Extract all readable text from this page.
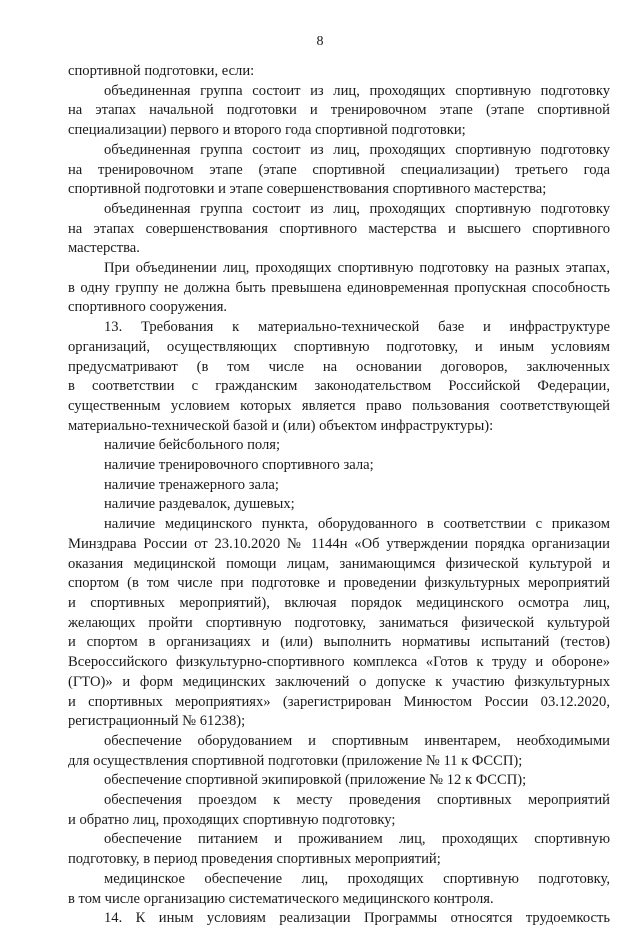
8

спортивной подготовки, если:

объединенная группа состоит из лиц, проходящих спортивную подготовку

на этапах начальной подготовки и тренировочном этапе (этапе спортивной

специализации) первого и второго года спортивной подготовки;

объединенная группа состоит из лиц, проходящих спортивную подготовку

на тренировочном этапе (этапе спортивной специализации) третьего года

спортивной подготовки и этапе совершенствования спортивного мастерства;

объединенная группа состоит из лиц, проходящих спортивную подготовку

на этапах совершенствования спортивного мастерства и высшего спортивного

мастерства.

При объединении лиц, проходящих спортивную подготовку на разных этапах,

в одну группу не должна быть превышена единовременная пропускная способность

спортивного сооружения.

13. Требования к материально-технической базе и инфраструктуре

организаций, осуществляющих спортивную подготовку, и иным условиям

предусматривают (в том числе на основании договоров, заключенных

в соответствии с гражданским законодательством Российской Федерации,

существенным условием которых является право пользования соответствующей

материально-технической базой и (или) объектом инфраструктуры):

наличие бейсбольного поля;

наличие тренировочного спортивного зала;

наличие тренажерного зала;

наличие раздевалок, душевых;

наличие медицинского пункта, оборудованного в соответствии с приказом

Минздрава России от 23.10.2020 № 1144н «Об утверждении порядка организации

оказания медицинской помощи лицам, занимающимся физической культурой и

спортом (в том числе при подготовке и проведении физкультурных мероприятий

и спортивных мероприятий), включая порядок медицинского осмотра лиц,

желающих пройти спортивную подготовку, заниматься физической культурой

и спортом в организациях и (или) выполнить нормативы испытаний (тестов)

Всероссийского физкультурно-спортивного комплекса «Готов к труду и обороне»

(ГТО)» и форм медицинских заключений о допуске к участию физкультурных

и спортивных мероприятиях» (зарегистрирован Минюстом России 03.12.2020,

регистрационный № 61238);

обеспечение оборудованием и спортивным инвентарем, необходимыми

для осуществления спортивной подготовки (приложение № 11 к ФССП);

обеспечение спортивной экипировкой (приложение № 12 к ФССП);

обеспечения проездом к месту проведения спортивных мероприятий

и обратно лиц, проходящих спортивную подготовку;

обеспечение питанием и проживанием лиц, проходящих спортивную

подготовку, в период проведения спортивных мероприятий;

медицинское обеспечение лиц, проходящих спортивную подготовку,

в том числе организацию систематического медицинского контроля.

14. К иным условиям реализации Программы относятся трудоемкость
